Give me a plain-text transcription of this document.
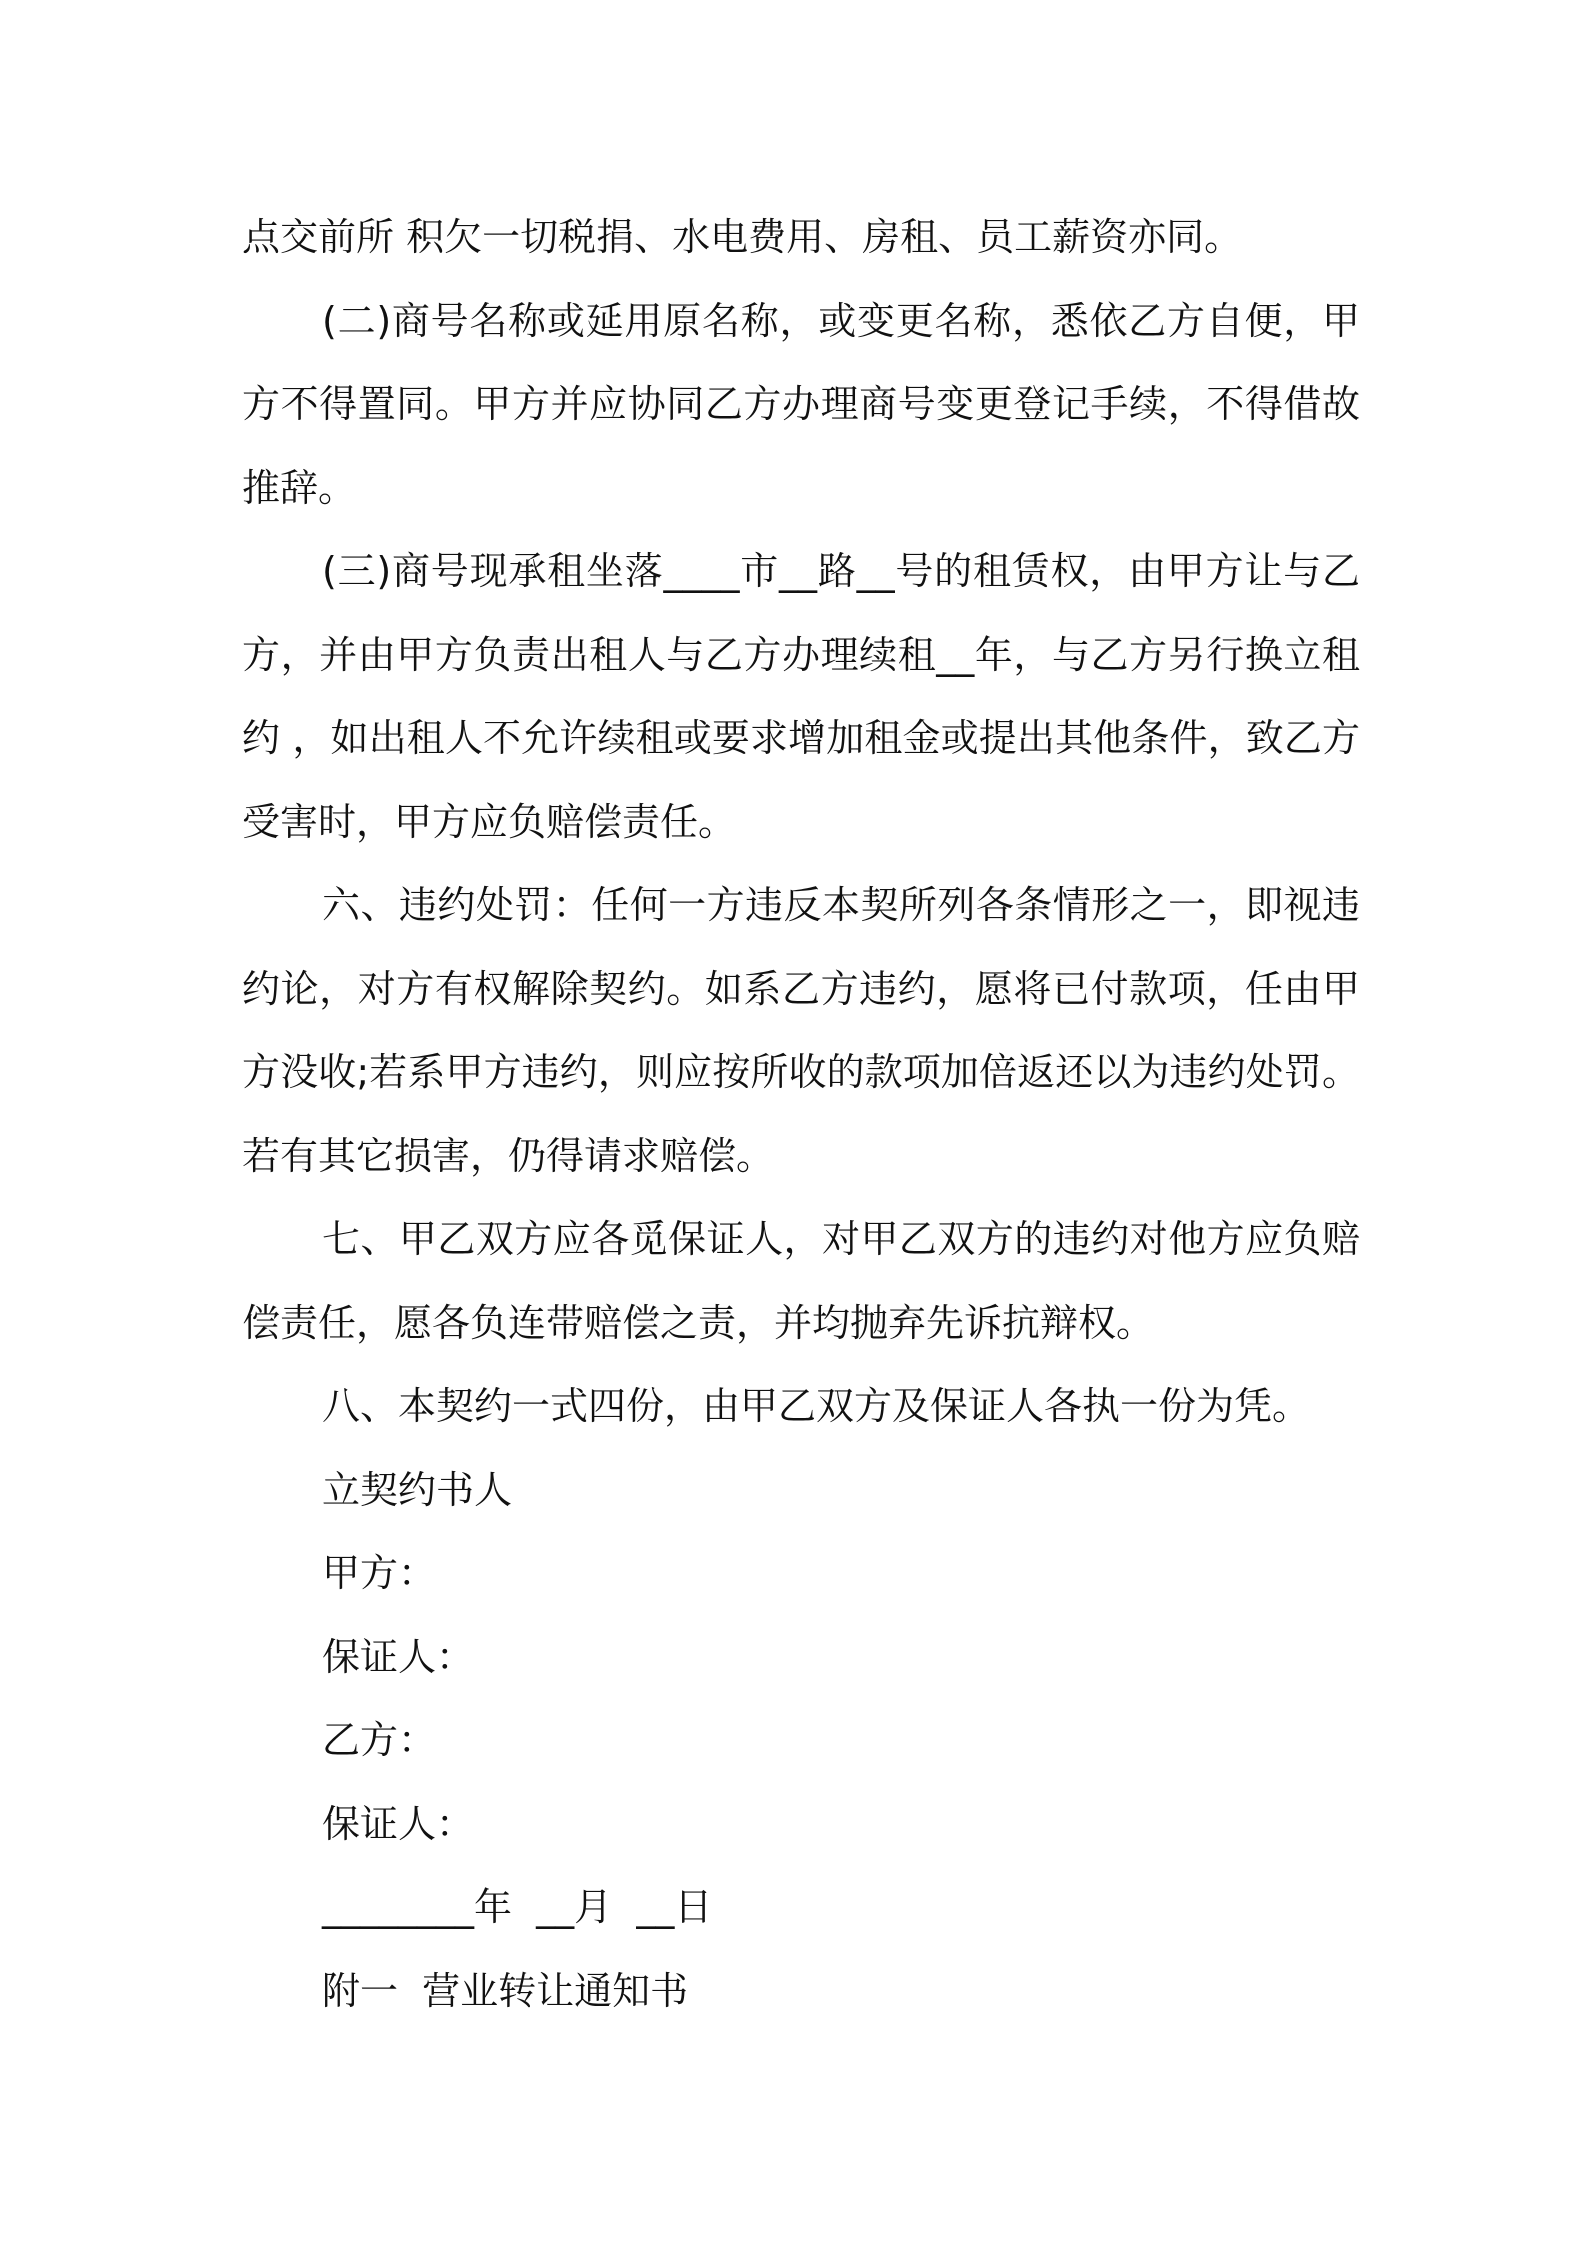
点交前所 积欠一切税捐、水电费用、房租、员工薪资亦同。

(二)商号名称或延用原名称，或变更名称，悉依乙方自便，甲方不得置同。甲方并应协同乙方办理商号变更登记手续，不得借故推辞。

(三)商号现承租坐落____市__路__号的租赁权，由甲方让与乙方，并由甲方负责出租人与乙方办理续租__年，与乙方另行换立租约 ，如出租人不允许续租或要求增加租金或提出其他条件，致乙方受害时，甲方应负赔偿责任。

六、违约处罚：任何一方违反本契所列各条情形之一，即视违约论，对方有权解除契约。如系乙方违约，愿将已付款项，任由甲方没收;若系甲方违约，则应按所收的款项加倍返还以为违约处罚。若有其它损害，仍得请求赔偿。

七、甲乙双方应各觅保证人，对甲乙双方的违约对他方应负赔偿责任，愿各负连带赔偿之责，并均抛弃先诉抗辩权。

八、本契约一式四份，由甲乙双方及保证人各执一份为凭。

立契约书人

甲方：

保证人：

乙方：

保证人：

________年  __月  __日

附一  营业转让通知书
